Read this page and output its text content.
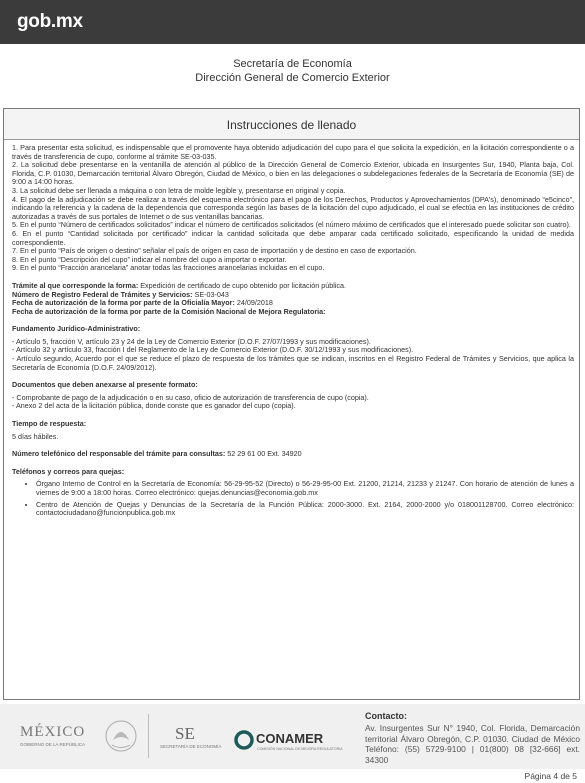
gob.mx
Secretaría de Economía
Dirección General de Comercio Exterior
Instrucciones de llenado

1. Para presentar esta solicitud, es indispensable que el promovente haya obtenido adjudicación del cupo para el que solicita la expedición, en la licitación correspondiente o a través de transferencia de cupo, conforme al trámite SE-03-035.

2. La solicitud debe presentarse en la ventanilla de atención al público de la Dirección General de Comercio Exterior, ubicada en Insurgentes Sur, 1940, Planta baja, Col. Florida, C.P. 01030, Demarcación territorial Álvaro Obregón, Ciudad de México, o bien en las delegaciones o subdelegaciones federales de la Secretaría de Economía (SE) de 9:00 a 14:00 horas.

3. La solicitud debe ser llenada a máquina o con letra de molde legible y, presentarse en original y copia.

4. El pago de la adjudicación se debe realizar a través del esquema electrónico para el pago de los Derechos, Productos y Aprovechamientos (DPA's), denominado “e5cinco”, indicando la referencia y la cadena de la dependencia que corresponda según las bases de la licitación del cupo adjudicado, el cual se efectúa en las instituciones de crédito autorizadas a través de sus portales de Internet o de sus ventanillas bancarias.

5. En el punto “Número de certificados solicitados” indicar el número de certificados solicitados (el número máximo de certificados que el interesado puede solicitar son cuatro).

6. En el punto “Cantidad solicitada por certificado” indicar la cantidad solicitada que debe amparar cada certificado solicitado, especificando la unidad de medida correspondiente.

7. En el punto “País de origen o destino” señalar el país de origen en caso de importación y de destino en caso de exportación.

8. En el punto “Descripción del cupo” indicar el nombre del cupo a importar o exportar.

9. En el punto “Fracción arancelaria” anotar todas las fracciones arancelarias incluidas en el cupo.

Trámite al que corresponde la forma: Expedición de certificado de cupo obtenido por licitación pública.

Número de Registro Federal de Trámites y Servicios: SE-03-043

Fecha de autorización de la forma por parte de la Oficialía Mayor: 24/09/2018

Fecha de autorización de la forma por parte de la Comisión Nacional de Mejora Regulatoria:

Fundamento Jurídico-Administrativo:

- Artículo 5, fracción V, artículo 23 y 24 de la Ley de Comercio Exterior (D.O.F. 27/07/1993 y sus modificaciones).

- Artículo 32 y artículo 33, fracción I del Reglamento de la Ley de Comercio Exterior (D.O.F. 30/12/1993 y sus modificaciones).

- Artículo segundo, Acuerdo por el que se reduce el plazo de respuesta de los trámites que se indican, inscritos en el Registro Federal de Trámites y Servicios, que aplica la Secretaría de Economía (D.O.F. 24/09/2012).

Documentos que deben anexarse al presente formato:

- Comprobante de pago de la adjudicación o en su caso, oficio de autorización de transferencia de cupo (copia).

- Anexo 2 del acta de la licitación pública, donde conste que es ganador del cupo (copia).

Tiempo de respuesta:

5 días hábiles.

Número telefónico del responsable del trámite para consultas: 52 29 61 00 Ext. 34920

Teléfonos y correos para quejas:

• Órgano Interno de Control en la Secretaría de Economía: 56-29-95-52 (Directo) o 56-29-95-00 Ext. 21200, 21214, 21233 y 21247. Con horario de atención de lunes a viernes de 9:00 a 18:00 horas. Correo electrónico: quejas.denuncias@economia.gob.mx
• Centro de Atención de Quejas y Denuncias de la Secretaría de la Función Pública: 2000-3000. Ext. 2164, 2000-2000 y/o 018001128700. Correo electrónico: contactociudadano@funcionpublica.gob.mx
MÉXICO
GOBIERNO DE LA REPÚBLICA
SE
SECRETARÍA DE ECONOMÍA
CONAMER
COMISIÓN NACIONAL DE MEJORA REGULATORIA
Contacto:
Av. Insurgentes Sur N° 1940, Col. Florida, Demarcación territorial Álvaro Obregón, C.P. 01030. Ciudad de México Teléfono: (55) 5729-9100 | 01(800) 08 [32-666] ext. 34300
Página 4 de 5
